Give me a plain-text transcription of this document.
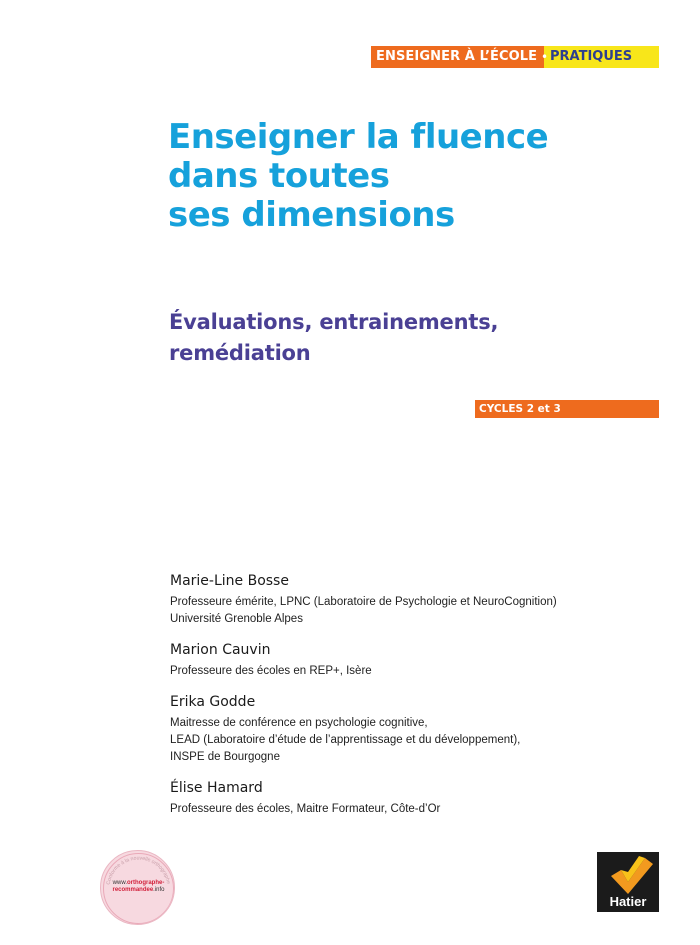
ENSEIGNER À L’ÉCOLE • PRATIQUES
Enseigner la fluence
dans toutes
ses dimensions
Évaluations, entrainements,
remédiation
CYCLES 2 et 3
Marie-Line Bosse
Professeure émérite, LPNC (Laboratoire de Psychologie et NeuroCognition)
Université Grenoble Alpes
Marion Cauvin
Professeure des écoles en REP+, Isère
Erika Godde
Maitresse de conférence en psychologie cognitive,
LEAD (Laboratoire d’étude de l’apprentissage et du développement),
INSPE de Bourgogne
Élise Hamard
Professeure des écoles, Maitre Formateur, Côte-d’Or
Conforme à la nouvelle orthographe
www.orthographe-
recommandee.info
Hatier
